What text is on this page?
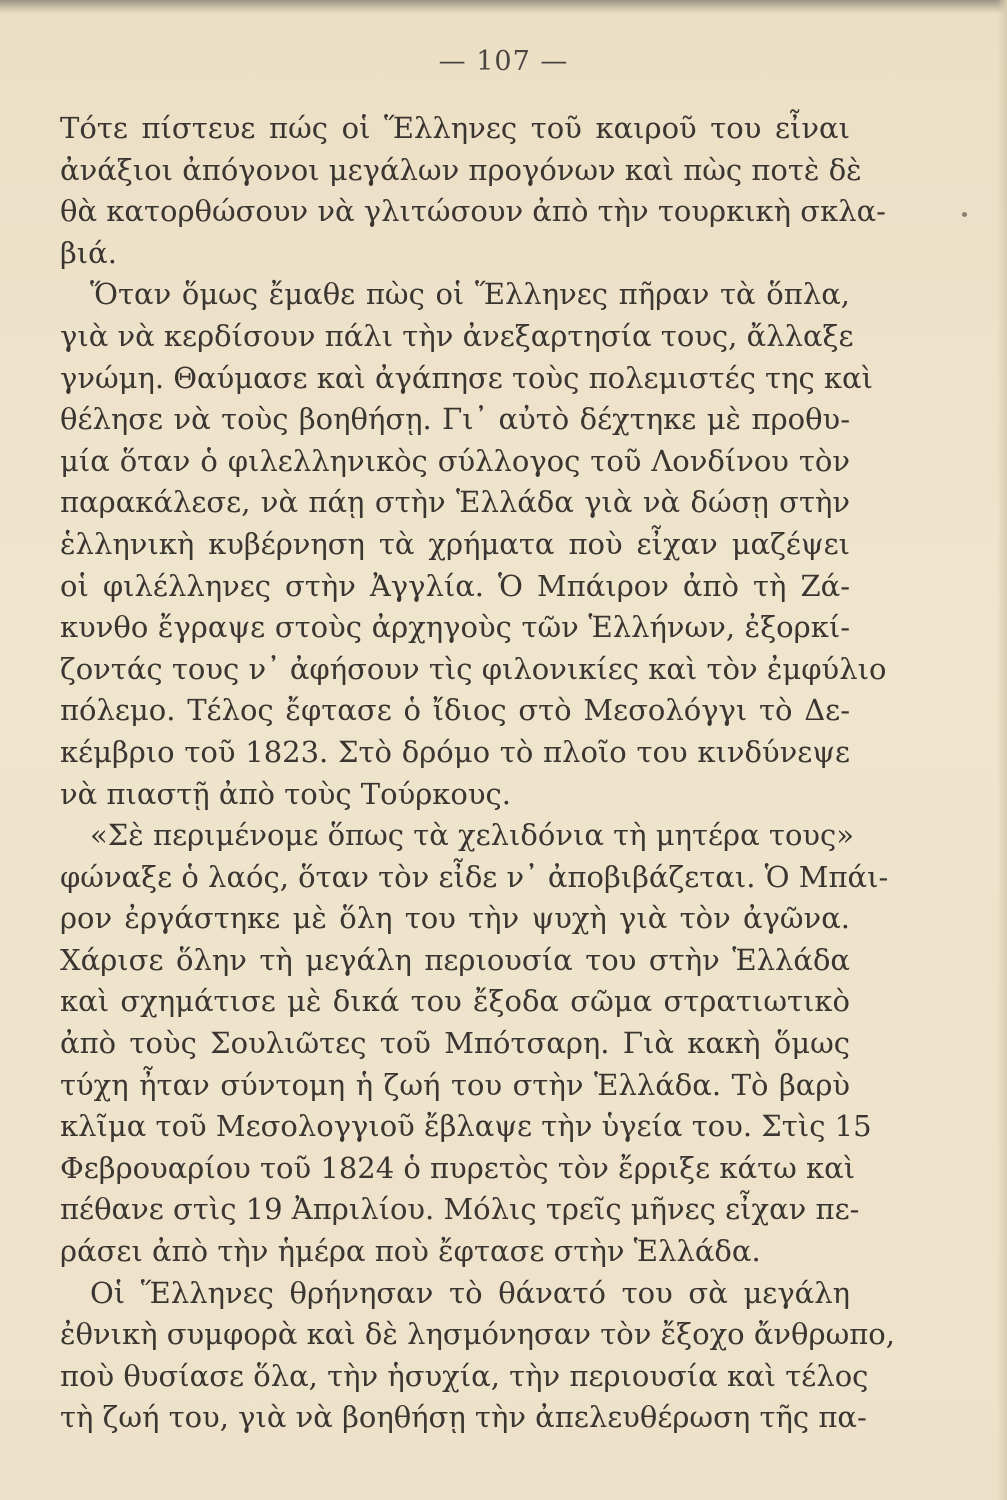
— 107 —
Τότε πίστευε πώς οἱ Ἕλληνες τοῦ καιροῦ του εἶναι
ἀνάξιοι ἀπόγονοι μεγάλων προγόνων καὶ πὼς ποτὲ δὲ
θὰ κατορθώσουν νὰ γλιτώσουν ἀπὸ τὴν τουρκικὴ σκλα-
βιά.
Ὅταν ὅμως ἔμαθε πὼς οἱ Ἕλληνες πῆραν τὰ ὅπλα,
γιὰ νὰ κερδίσουν πάλι τὴν ἀνεξαρτησία τους, ἄλλαξε
γνώμη. Θαύμασε καὶ ἀγάπησε τοὺς πολεμιστές της καὶ
θέλησε νὰ τοὺς βοηθήσῃ. Γι᾽ αὐτὸ δέχτηκε μὲ προθυ-
μία ὅταν ὁ φιλελληνικὸς σύλλογος τοῦ Λονδίνου τὸν
παρακάλεσε, νὰ πάῃ στὴν Ἑλλάδα γιὰ νὰ δώσῃ στὴν
ἑλληνικὴ κυβέρνηση τὰ χρήματα ποὺ εἶχαν μαζέψει
οἱ φιλέλληνες στὴν Ἀγγλία. Ὁ Μπάιρον ἀπὸ τὴ Ζά-
κυνθο ἔγραψε στοὺς ἀρχηγοὺς τῶν Ἑλλήνων, ἐξορκί-
ζοντάς τους ν᾽ ἀφήσουν τὶς φιλονικίες καὶ τὸν ἐμφύλιο
πόλεμο. Τέλος ἔφτασε ὁ ἴδιος στὸ Μεσολόγγι τὸ Δε-
κέμβριο τοῦ 1823. Στὸ δρόμο τὸ πλοῖο του κινδύνεψε
νὰ πιαστῇ ἀπὸ τοὺς Τούρκους.
«Σὲ περιμένομε ὅπως τὰ χελιδόνια τὴ μητέρα τους»
φώναξε ὁ λαός, ὅταν τὸν εἶδε ν᾽ ἀποβιβάζεται. Ὁ Μπάι-
ρον ἐργάστηκε μὲ ὅλη του τὴν ψυχὴ γιὰ τὸν ἀγῶνα.
Χάρισε ὅλην τὴ μεγάλη περιουσία του στὴν Ἑλλάδα
καὶ σχημάτισε μὲ δικά του ἔξοδα σῶμα στρατιωτικὸ
ἀπὸ τοὺς Σουλιῶτες τοῦ Μπότσαρη. Γιὰ κακὴ ὅμως
τύχη ἦταν σύντομη ἡ ζωή του στὴν Ἑλλάδα. Τὸ βαρὺ
κλῖμα τοῦ Μεσολογγιοῦ ἔβλαψε τὴν ὑγεία του. Στὶς 15
Φεβρουαρίου τοῦ 1824 ὁ πυρετὸς τὸν ἔρριξε κάτω καὶ
πέθανε στὶς 19 Ἀπριλίου. Μόλις τρεῖς μῆνες εἶχαν πε-
ράσει ἀπὸ τὴν ἡμέρα ποὺ ἔφτασε στὴν Ἑλλάδα.
Οἱ Ἕλληνες θρήνησαν τὸ θάνατό του σὰ μεγάλη
ἐθνικὴ συμφορὰ καὶ δὲ λησμόνησαν τὸν ἔξοχο ἄνθρωπο,
ποὺ θυσίασε ὅλα, τὴν ἡσυχία, τὴν περιουσία καὶ τέλος
τὴ ζωή του, γιὰ νὰ βοηθήσῃ τὴν ἀπελευθέρωση τῆς πα-
